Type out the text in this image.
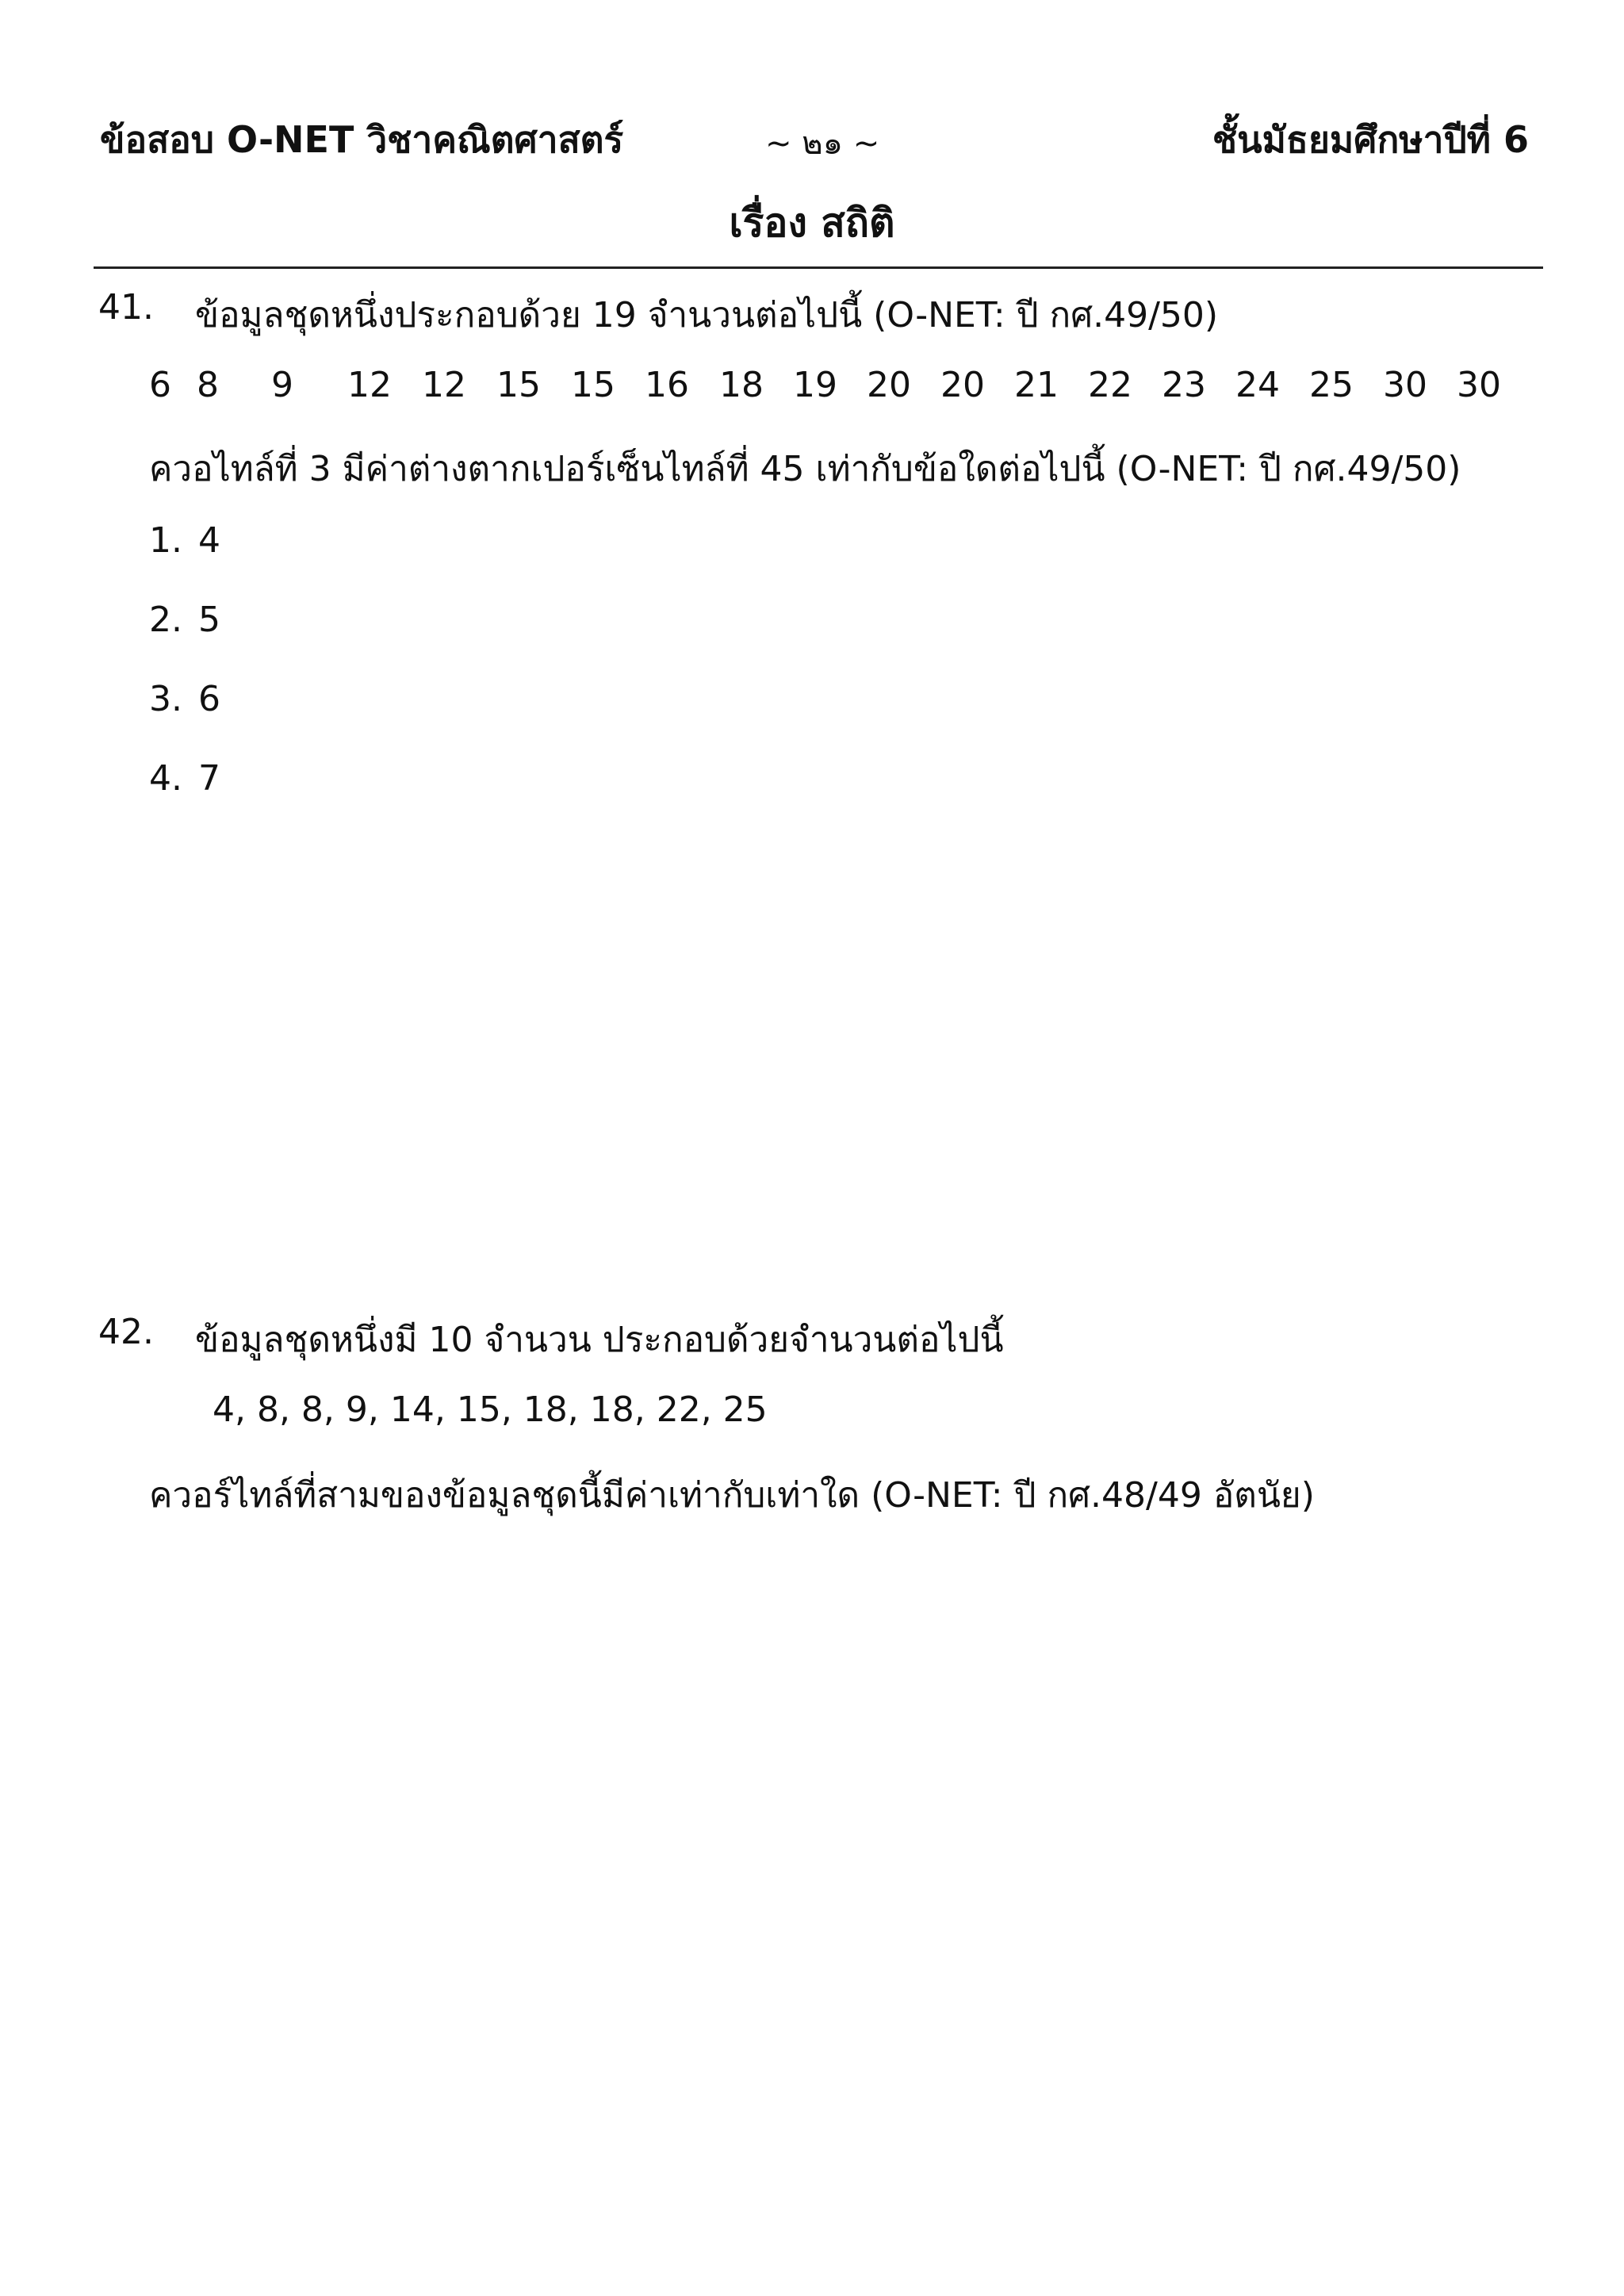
ข้อสอบ O-NET วิชาคณิตศาสตร์	~ ๒๑ ~	ชั้นมัธยมศึกษาปีที่ 6
เรื่อง สถิติ
41. ข้อมูลชุดหนึ่งประกอบด้วย 19 จำนวนต่อไปนี้ (O-NET: ปี กศ.49/50)
6 8 9 12 12 15 15 16 18 19 20 20 21 22 23 24 25 30 30
ควอไทล์ที่ 3 มีค่าต่างตากเปอร์เซ็นไทล์ที่ 45 เท่ากับข้อใดต่อไปนี้ (O-NET: ปี กศ.49/50)
1. 4
2. 5
3. 6
4. 7
42. ข้อมูลชุดหนึ่งมี 10 จำนวน ประกอบด้วยจำนวนต่อไปนี้
4, 8, 8, 9, 14, 15, 18, 18, 22, 25
ควอร์ไทล์ที่สามของข้อมูลชุดนี้มีค่าเท่ากับเท่าใด (O-NET: ปี กศ.48/49 อัตนัย)
